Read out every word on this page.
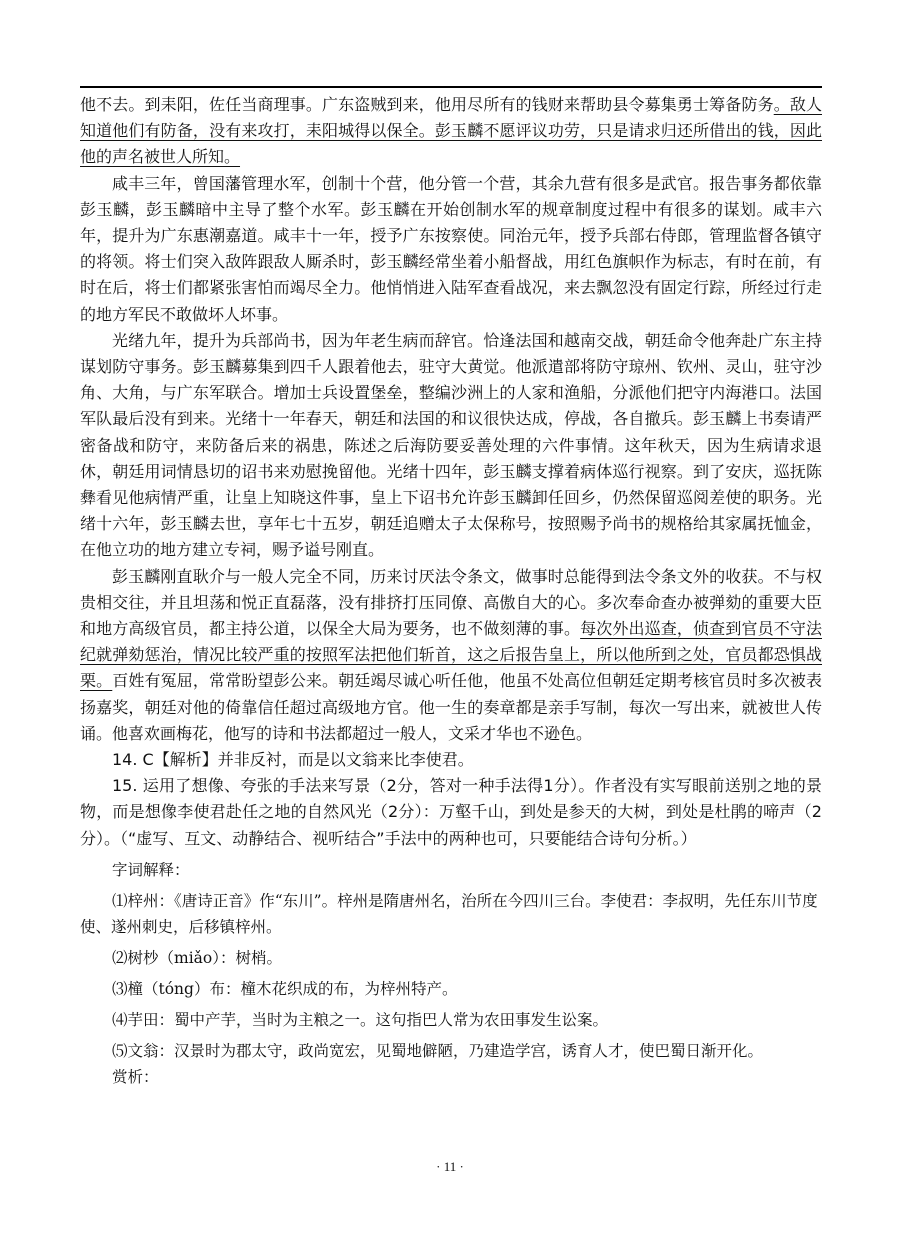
他不去。到耒阳，佐任当商理事。广东盗贼到来，他用尽所有的钱财来帮助县令募集勇士筹备防务。敌人知道他们有防备，没有来攻打，耒阳城得以保全。彭玉麟不愿评议功劳，只是请求归还所借出的钱，因此他的声名被世人所知。

咸丰三年，曾国藩管理水军，创制十个营，他分管一个营，其余九营有很多是武官。报告事务都依靠彭玉麟，彭玉麟暗中主导了整个水军。彭玉麟在开始创制水军的规章制度过程中有很多的谋划。咸丰六年，提升为广东惠潮嘉道。咸丰十一年，授予广东按察使。同治元年，授予兵部右侍郎，管理监督各镇守的将领。将士们突入敌阵跟敌人厮杀时，彭玉麟经常坐着小船督战，用红色旗帜作为标志，有时在前，有时在后，将士们都紧张害怕而竭尽全力。他悄悄进入陆军查看战况，来去飘忽没有固定行踪，所经过行走的地方军民不敢做坏人坏事。

光绪九年，提升为兵部尚书，因为年老生病而辞官。恰逢法国和越南交战，朝廷命令他奔赴广东主持谋划防守事务。彭玉麟募集到四千人跟着他去，驻守大黄觉。他派遣部将防守琼州、钦州、灵山，驻守沙角、大角，与广东军联合。增加士兵设置堡垒，整编沙洲上的人家和渔船，分派他们把守内海港口。法国军队最后没有到来。光绪十一年春天，朝廷和法国的和议很快达成，停战，各自撤兵。彭玉麟上书奏请严密备战和防守，来防备后来的祸患，陈述之后海防要妥善处理的六件事情。这年秋天，因为生病请求退休，朝廷用词情恳切的诏书来劝慰挽留他。光绪十四年，彭玉麟支撑着病体巡行视察。到了安庆，巡抚陈彝看见他病情严重，让皇上知晓这件事，皇上下诏书允许彭玉麟卸任回乡，仍然保留巡阅差使的职务。光绪十六年，彭玉麟去世，享年七十五岁，朝廷追赠太子太保称号，按照赐予尚书的规格给其家属抚恤金，在他立功的地方建立专祠，赐予谥号刚直。

彭玉麟刚直耿介与一般人完全不同，历来讨厌法令条文，做事时总能得到法令条文外的收获。不与权贵相交往，并且坦荡和悦正直磊落，没有排挤打压同僚、高傲自大的心。多次奉命查办被弹劾的重要大臣和地方高级官员，都主持公道，以保全大局为要务，也不做刻薄的事。每次外出巡查，侦查到官员不守法纪就弹劾惩治，情况比较严重的按照军法把他们斩首，这之后报告皇上，所以他所到之处，官员都恐惧战栗。百姓有冤屈，常常盼望彭公来。朝廷竭尽诚心听任他，他虽不处高位但朝廷定期考核官员时多次被表扬嘉奖，朝廷对他的倚靠信任超过高级地方官。他一生的奏章都是亲手写制，每次一写出来，就被世人传诵。他喜欢画梅花，他写的诗和书法都超过一般人，文采才华也不逊色。

14. C【解析】并非反衬，而是以文翁来比李使君。

15. 运用了想像、夸张的手法来写景（2分，答对一种手法得1分）。作者没有实写眼前送别之地的景物，而是想像李使君赴任之地的自然风光（2分）：万壑千山，到处是参天的大树，到处是杜鹃的啼声（2分）。（“虚写、互文、动静结合、视听结合”手法中的两种也可，只要能结合诗句分析。）

字词解释：

⑴梓州：《唐诗正音》作“东川”。梓州是隋唐州名，治所在今四川三台。李使君：李叔明，先任东川节度使、遂州刺史，后移镇梓州。

⑵树杪（miǎo）：树梢。

⑶橦（tóng）布：橦木花织成的布，为梓州特产。

⑷芋田：蜀中产芋，当时为主粮之一。这句指巴人常为农田事发生讼案。

⑸文翁：汉景时为郡太守，政尚宽宏，见蜀地僻陋，乃建造学宫，诱育人才，使巴蜀日渐开化。

赏析：

· 11 ·
